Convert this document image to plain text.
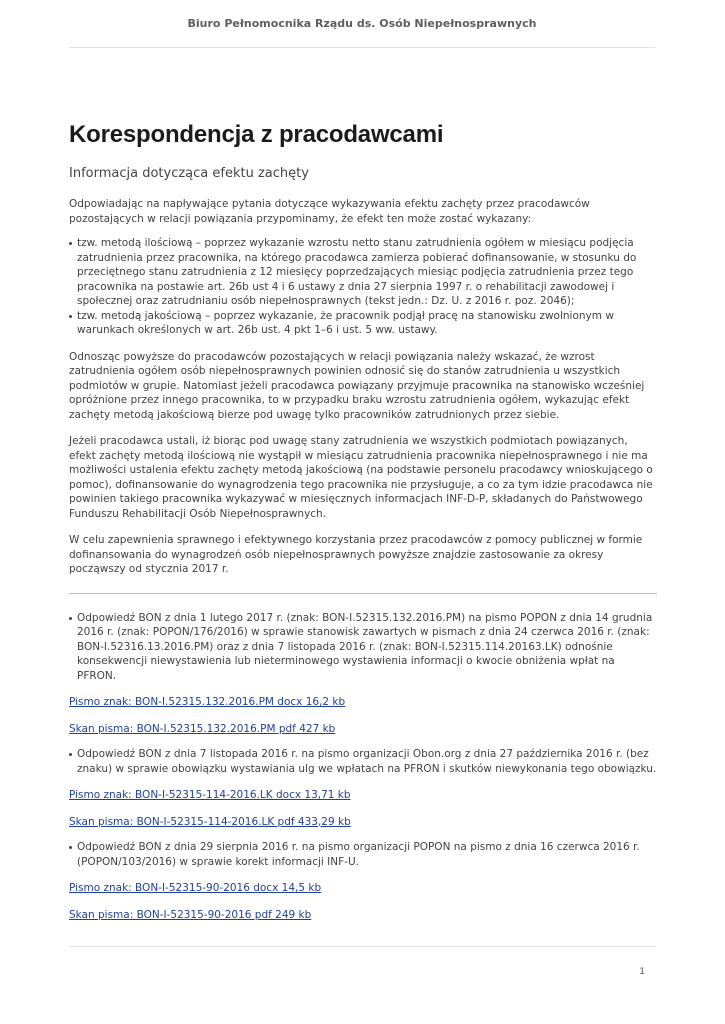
Biuro Pełnomocnika Rządu ds. Osób Niepełnosprawnych
Korespondencja z pracodawcami

Informacja dotycząca efektu zachęty

Odpowiadając na napływające pytania dotyczące wykazywania efektu zachęty przez pracodawców pozostających w relacji powiązania przypominamy, że efekt ten może zostać wykazany:

tzw. metodą ilościową – poprzez wykazanie wzrostu netto stanu zatrudnienia ogółem w miesiącu podjęcia zatrudnienia przez pracownika, na którego pracodawca zamierza pobierać dofinansowanie, w stosunku do przeciętnego stanu zatrudnienia z 12 miesięcy poprzedzających miesiąc podjęcia zatrudnienia przez tego pracownika na postawie art. 26b ust 4 i 6 ustawy z dnia 27 sierpnia 1997 r. o rehabilitacji zawodowej i społecznej oraz zatrudnianiu osób niepełnosprawnych (tekst jedn.: Dz. U. z 2016 r. poz. 2046);
tzw. metodą jakościową – poprzez wykazanie, że pracownik podjął pracę na stanowisku zwolnionym w warunkach określonych w art. 26b ust. 4 pkt 1–6 i ust. 5 ww. ustawy.

Odnosząc powyższe do pracodawców pozostających w relacji powiązania należy wskazać, że wzrost zatrudnienia ogółem osób niepełnosprawnych powinien odnosić się do stanów zatrudnienia u wszystkich podmiotów w grupie. Natomiast jeżeli pracodawca powiązany przyjmuje pracownika na stanowisko wcześniej opróżnione przez innego pracownika, to w przypadku braku wzrostu zatrudnienia ogółem, wykazując efekt zachęty metodą jakościową bierze pod uwagę tylko pracowników zatrudnionych przez siebie.

Jeżeli pracodawca ustali, iż biorąc pod uwagę stany zatrudnienia we wszystkich podmiotach powiązanych, efekt zachęty metodą ilościową nie wystąpił w miesiącu zatrudnienia pracownika niepełnosprawnego i nie ma możliwości ustalenia efektu zachęty metodą jakościową (na podstawie personelu pracodawcy wnioskującego o pomoc), dofinansowanie do wynagrodzenia tego pracownika nie przysługuje, a co za tym idzie pracodawca nie powinien takiego pracownika wykazywać w miesięcznych informacjach INF-D-P, składanych do Państwowego Funduszu Rehabilitacji Osób Niepełnosprawnych.

W celu zapewnienia sprawnego i efektywnego korzystania przez pracodawców z pomocy publicznej w formie dofinansowania do wynagrodzeń osób niepełnosprawnych powyższe znajdzie zastosowanie za okresy począwszy od stycznia 2017 r.

Odpowiedź BON z dnia 1 lutego 2017 r. (znak: BON-I.52315.132.2016.PM) na pismo POPON z dnia 14 grudnia 2016 r. (znak: POPON/176/2016) w sprawie stanowisk zawartych w pismach z dnia 24 czerwca 2016 r. (znak: BON-I.52316.13.2016.PM) oraz z dnia 7 listopada 2016 r. (znak: BON-I.52315.114.20163.LK) odnośnie konsekwencji niewystawienia lub nieterminowego wystawienia informacji o kwocie obniżenia wpłat na PFRON.

Pismo znak: BON-I.52315.132.2016.PM docx 16,2 kb

Skan pisma: BON-I.52315.132.2016.PM pdf 427 kb

Odpowiedź BON z dnia 7 listopada 2016 r. na pismo organizacji Obon.org z dnia 27 października 2016 r. (bez znaku) w sprawie obowiązku wystawiania ulg we wpłatach na PFRON i skutków niewykonania tego obowiązku.

Pismo znak: BON-I-52315-114-2016.LK docx 13,71 kb

Skan pisma: BON-I-52315-114-2016.LK pdf 433,29 kb

Odpowiedź BON z dnia 29 sierpnia 2016 r. na pismo organizacji POPON na pismo z dnia 16 czerwca 2016 r. (POPON/103/2016) w sprawie korekt informacji INF-U.

Pismo znak: BON-I-52315-90-2016 docx 14,5 kb

Skan pisma: BON-I-52315-90-2016 pdf 249 kb

1
